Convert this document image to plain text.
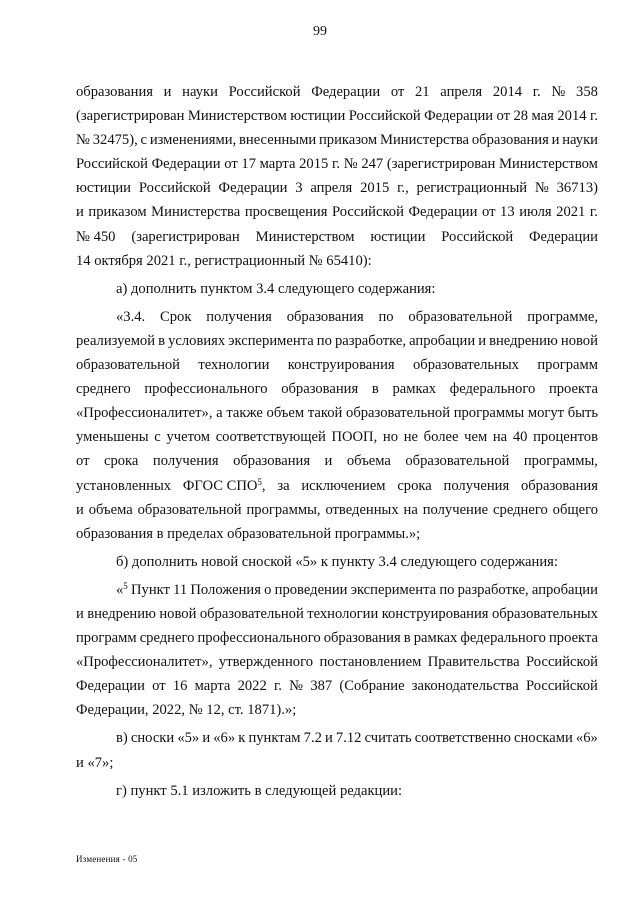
99
образования и науки Российской Федерации от 21 апреля 2014 г. № 358
(зарегистрирован Министерством юстиции Российской Федерации от 28 мая 2014 г.
№ 32475), с изменениями, внесенными приказом Министерства образования и науки
Российской Федерации от 17 марта 2015 г. № 247 (зарегистрирован Министерством
юстиции Российской Федерации 3 апреля 2015 г., регистрационный № 36713)
и приказом Министерства просвещения Российской Федерации от 13 июля 2021 г.
№ 450 (зарегистрирован Министерством юстиции Российской Федерации
14 октября 2021 г., регистрационный № 65410):
а) дополнить пунктом 3.4 следующего содержания:
«3.4. Срок получения образования по образовательной программе,
реализуемой в условиях эксперимента по разработке, апробации и внедрению новой
образовательной технологии конструирования образовательных программ
среднего профессионального образования в рамках федерального проекта
«Профессионалитет», а также объем такой образовательной программы могут быть
уменьшены с учетом соответствующей ПООП, но не более чем на 40 процентов
от срока получения образования и объема образовательной программы,
установленных ФГОС СПО$^5$, за исключением срока получения образования
и объема образовательной программы, отведенных на получение среднего общего
образования в пределах образовательной программы.»;
б) дополнить новой сноской «5» к пункту 3.4 следующего содержания:
«$^5$ Пункт 11 Положения о проведении эксперимента по разработке, апробации
и внедрению новой образовательной технологии конструирования образовательных
программ среднего профессионального образования в рамках федерального проекта
«Профессионалитет», утвержденного постановлением Правительства Российской
Федерации от 16 марта 2022 г. № 387 (Собрание законодательства Российской
Федерации, 2022, № 12, ст. 1871).»;
в) сноски «5» и «6» к пунктам 7.2 и 7.12 считать соответственно сносками «6»
и «7»;
г) пункт 5.1 изложить в следующей редакции:
Изменения - 05
